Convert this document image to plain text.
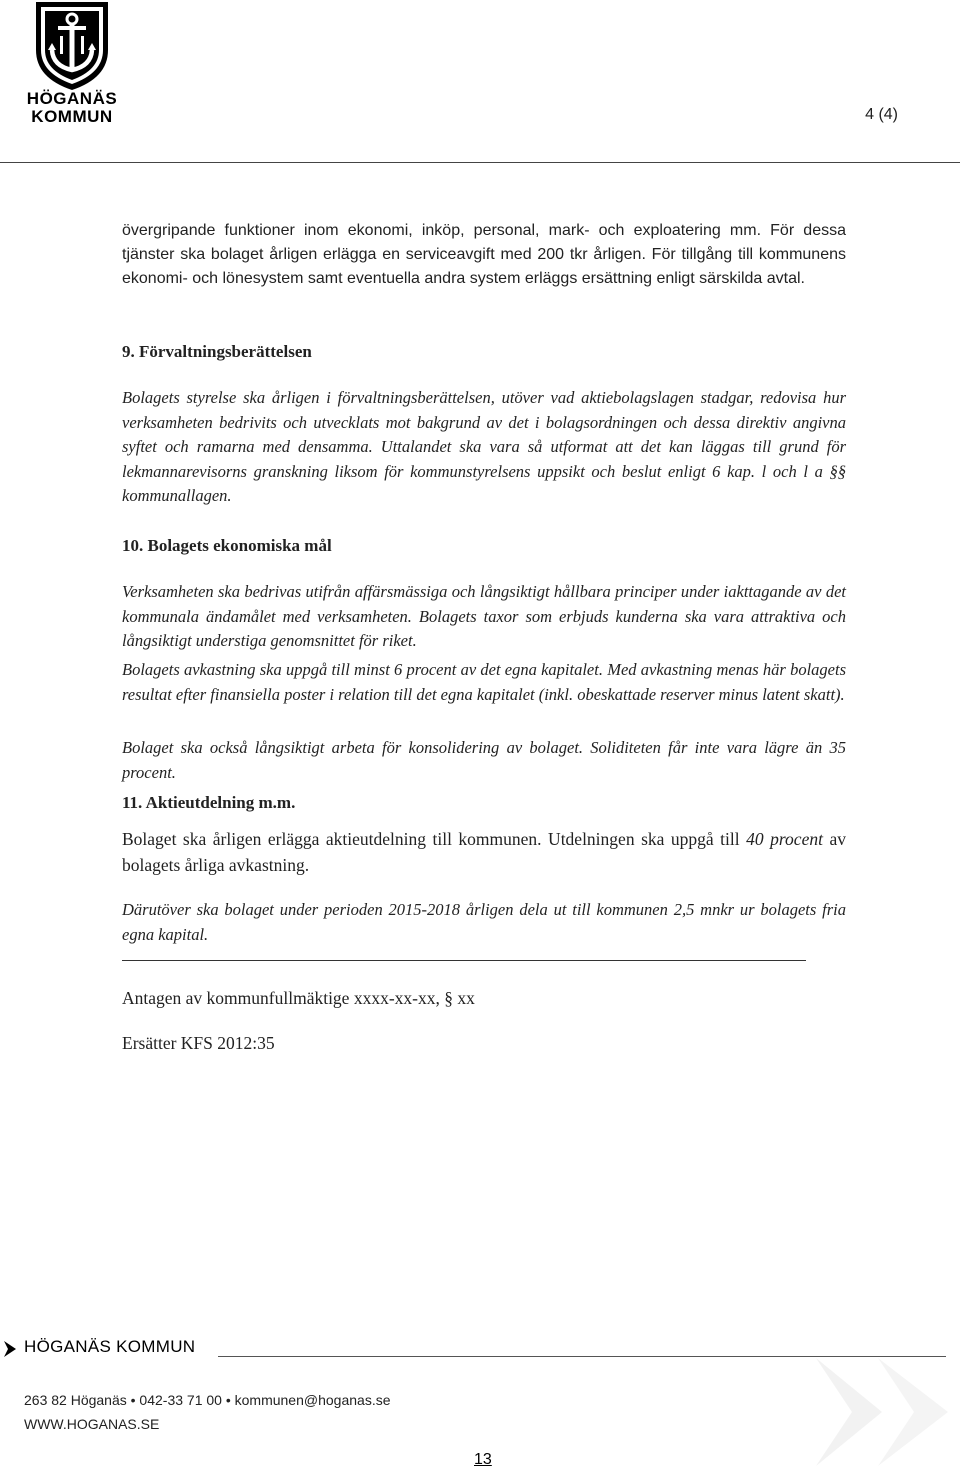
HÖGANÄS
KOMMUN	4 (4)

övergripande funktioner inom ekonomi, inköp, personal, mark- och exploatering mm. För dessa tjänster ska bolaget årligen erlägga en serviceavgift med 200 tkr årligen. För tillgång till kommunens ekonomi- och lönesystem samt eventuella andra system erläggs ersättning enligt särskilda avtal.

9. Förvaltningsberättelsen

Bolagets styrelse ska årligen i förvaltningsberättelsen, utöver vad aktiebolagslagen stadgar, redovisa hur verksamheten bedrivits och utvecklats mot bakgrund av det i bolagsordningen och dessa direktiv angivna syftet och ramarna med densamma. Uttalandet ska vara så utformat att det kan läggas till grund för lekmannarevisorns granskning liksom för kommunstyrelsens uppsikt och beslut enligt 6 kap. l och l a §§ kommunallagen.

10. Bolagets ekonomiska mål

Verksamheten ska bedrivas utifrån affärsmässiga och långsiktigt hållbara principer under iakttagande av det kommunala ändamålet med verksamheten. Bolagets taxor som erbjuds kunderna ska vara attraktiva och långsiktigt understiga genomsnittet för riket.

Bolagets avkastning ska uppgå till minst 6 procent av det egna kapitalet. Med avkastning menas här bolagets resultat efter finansiella poster i relation till det egna kapitalet (inkl. obeskattade reserver minus latent skatt).

Bolaget ska också långsiktigt arbeta för konsolidering av bolaget. Soliditeten får inte vara lägre än 35 procent.

11. Aktieutdelning m.m.

Bolaget ska årligen erlägga aktieutdelning till kommunen. Utdelningen ska uppgå till 40 procent av bolagets årliga avkastning.

Därutöver ska bolaget under perioden 2015-2018 årligen dela ut till kommunen 2,5 mnkr ur bolagets fria egna kapital.

Antagen av kommunfullmäktige xxxx-xx-xx, § xx

Ersätter KFS 2012:35

HÖGANÄS KOMMUN
263 82 Höganäs • 042-33 71 00 • kommunen@hoganas.se
WWW.HOGANAS.SE
13
